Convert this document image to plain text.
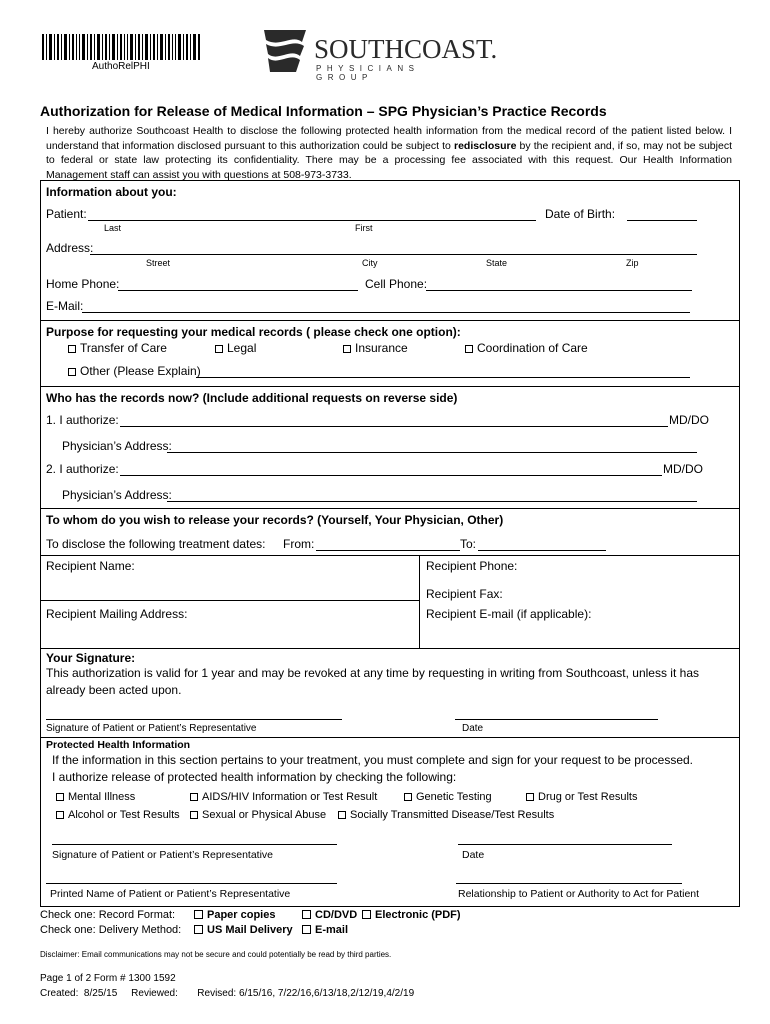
AuthoRelPHI
SOUTHCOAST.
PHYSICIANS GROUP
Authorization for Release of Medical Information – SPG Physician’s Practice Records
I hereby authorize Southcoast Health to disclose the following protected health information from the medical record of the patient listed below. I understand that information disclosed pursuant to this authorization could be subject to redisclosure by the recipient and, if so, may not be subject to federal or state law protecting its confidentiality. There may be a processing fee associated with this request. Our Health Information Management staff can assist you with questions at 508-973-3733.
Information about you:
Patient:	Date of Birth:
Last	First
Address:
Street	City	State	Zip
Home Phone:	Cell Phone:
E-Mail:
Purpose for requesting your medical records ( please check one option):
Transfer of Care	Legal	Insurance	Coordination of Care
Other (Please Explain)
Who has the records now? (Include additional requests on reverse side)
1. I authorize:	MD/DO
Physician’s Address:
2. I authorize:	MD/DO
Physician’s Address:
To whom do you wish to release your records? (Yourself, Your Physician, Other)
To disclose the following treatment dates: From:	To:
Recipient Name:	Recipient Phone:
Recipient Fax:
Recipient Mailing Address:	Recipient E-mail (if applicable):
Your Signature:
This authorization is valid for 1 year and may be revoked at any time by requesting in writing from Southcoast, unless it has already been acted upon.
Signature of Patient or Patient’s Representative	Date
Protected Health Information
If the information in this section pertains to your treatment, you must complete and sign for your request to be processed.
I authorize release of protected health information by checking the following:
Mental Illness	AIDS/HIV Information or Test Result	Genetic Testing	Drug or Test Results
Alcohol or Test Results	Sexual or Physical Abuse	Socially Transmitted Disease/Test Results
Signature of Patient or Patient’s Representative	Date
Printed Name of Patient or Patient’s Representative	Relationship to Patient or Authority to Act for Patient
Check one: Record Format:	Paper copies	CD/DVD	Electronic (PDF)
Check one: Delivery Method:	US Mail Delivery	E-mail
Disclaimer: Email communications may not be secure and could potentially be read by third parties.
Page 1 of 2 Form # 1300 1592
Created:  8/25/15     Reviewed:       Revised: 6/15/16, 7/22/16,6/13/18,2/12/19,4/2/19
